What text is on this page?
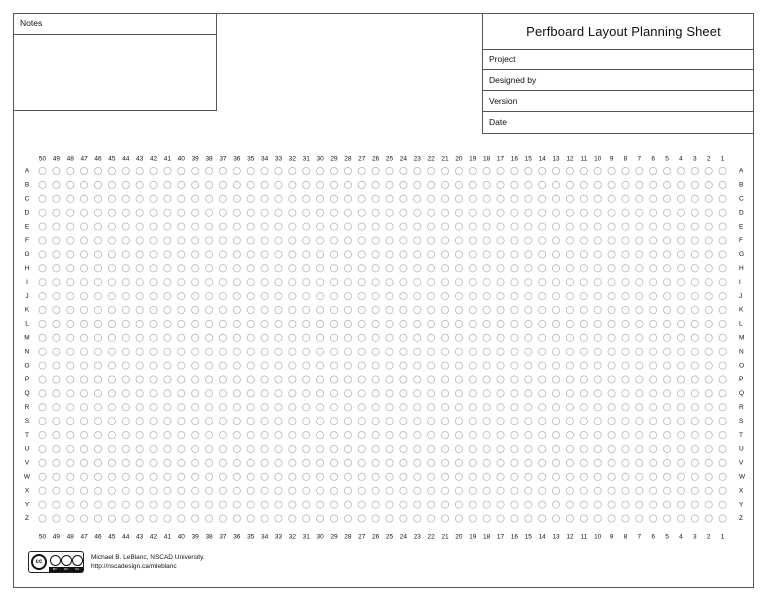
Notes
Perfboard Layout Planning Sheet
Project
Designed by
Version
Date
50
50
49
49
48
48
47
47
46
46
45
45
44
44
43
43
42
42
41
41
40
40
39
39
38
38
37
37
36
36
35
35
34
34
33
33
32
32
31
31
30
30
29
29
28
28
27
27
26
26
25
25
24
24
23
23
22
22
21
21
20
20
19
19
18
18
17
17
16
16
15
15
14
14
13
13
12
12
11
11
10
10
9
9
8
8
7
7
6
6
5
5
4
4
3
3
2
2
1
1
A	A
B	B
C	C
D	D
E	E
F	F
G	G
H	H
I	I
J	J
K	K
L	L
M	M
N	N
O	O
P	P
Q	Q
R	R
S	S
T	T
U	U
V	V
W	W
X	X
Y	Y
Z	Z
cc
BY NC SA
Michael B. LeBlanc, NSCAD University.
http://nscadesign.ca/mleblanc
